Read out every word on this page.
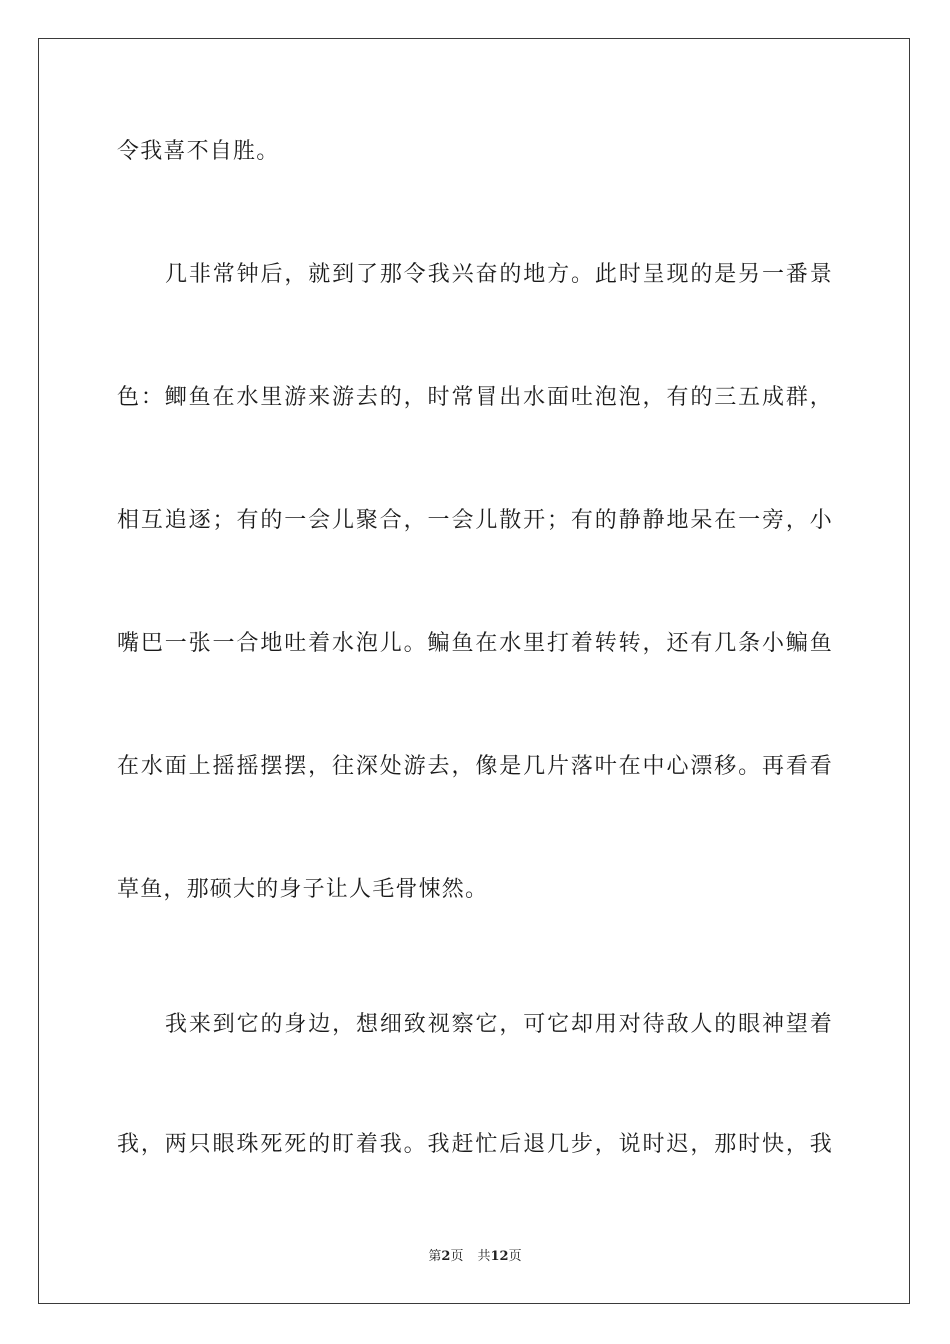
令我喜不自胜。
几非常钟后，就到了那令我兴奋的地方。此时呈现的是另一番景
色：鲫鱼在水里游来游去的，时常冒出水面吐泡泡，有的三五成群，
相互追逐；有的一会儿聚合，一会儿散开；有的静静地呆在一旁，小
嘴巴一张一合地吐着水泡儿。鳊鱼在水里打着转转，还有几条小鳊鱼
在水面上摇摇摆摆，往深处游去，像是几片落叶在中心漂移。再看看
草鱼，那硕大的身子让人毛骨悚然。
我来到它的身边，想细致视察它，可它却用对待敌人的眼神望着
我，两只眼珠死死的盯着我。我赶忙后退几步，说时迟，那时快，我
第2页 共12页
